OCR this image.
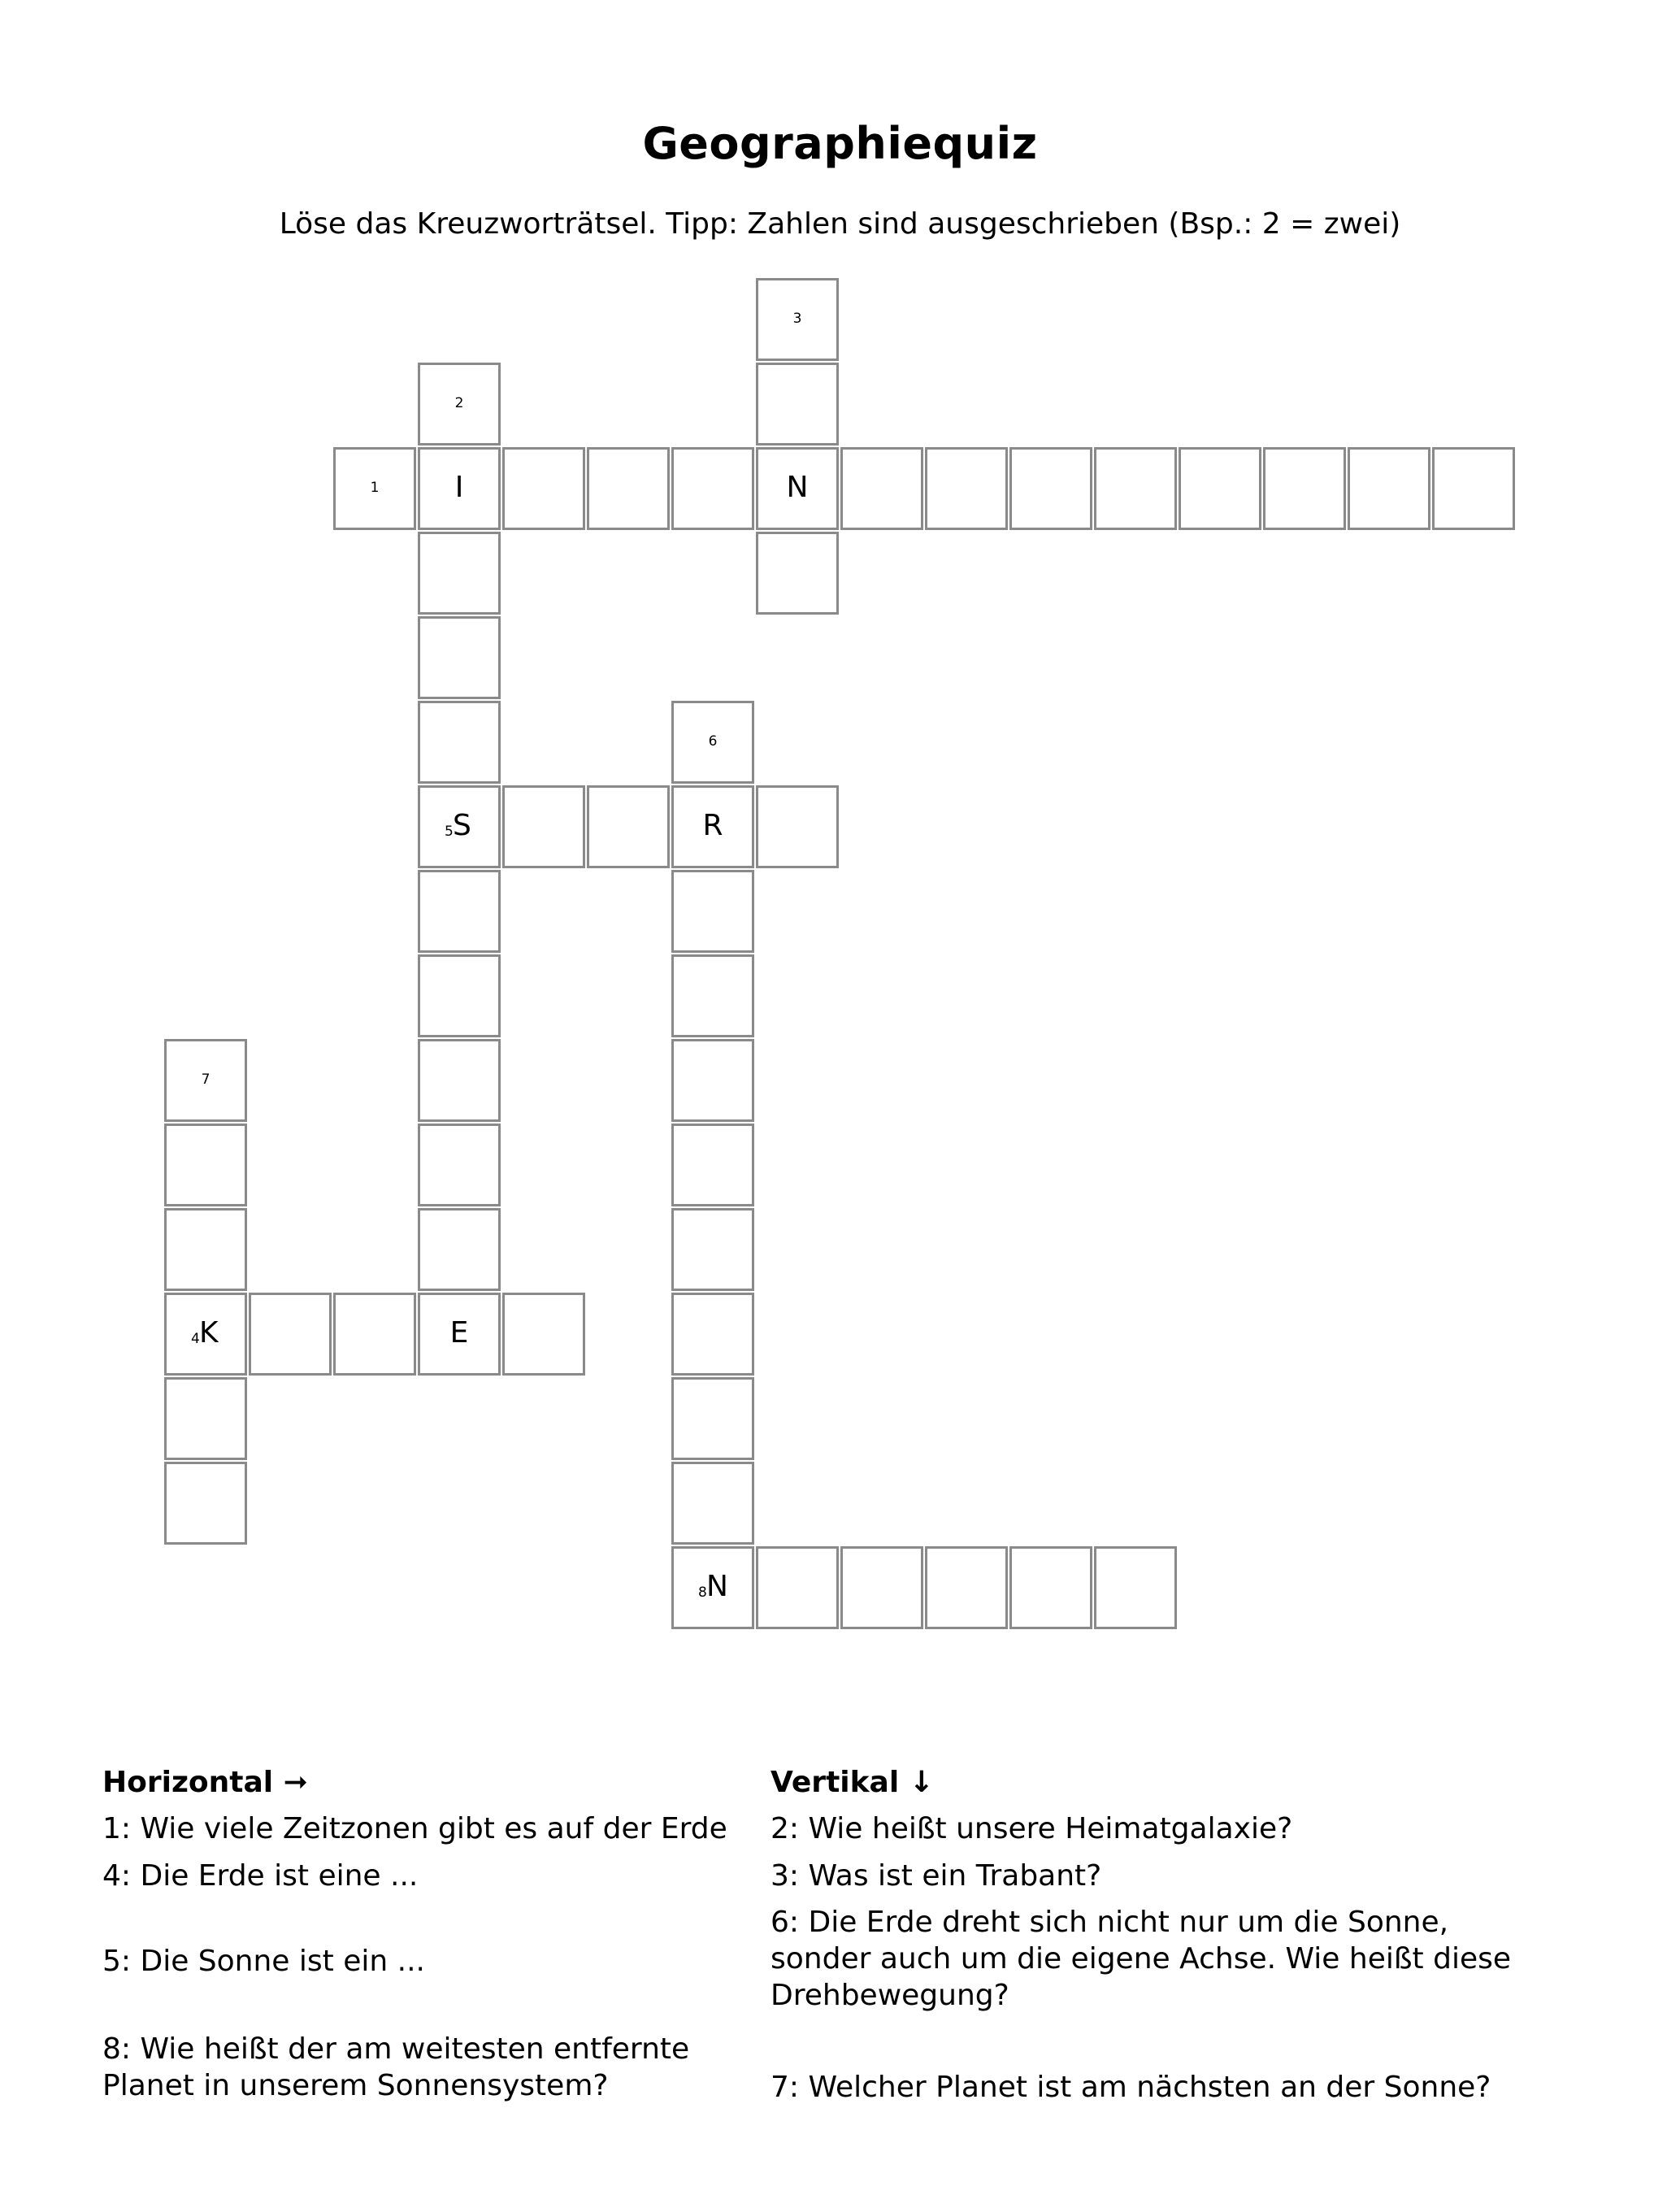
Geographiequiz
Löse das Kreuzworträtsel. Tipp: Zahlen sind ausgeschrieben (Bsp.: 2 = zwei)
1	I	N
2
5 S
E
3
4 K
R
6
8 N
7
Horizontal ➞
1: Wie viele Zeitzonen gibt es auf der Erde
4: Die Erde ist eine ...
5: Die Sonne ist ein ...
8: Wie heißt der am weitesten entfernte Planet in unserem Sonnensystem?
Vertikal ↓
2: Wie heißt unsere Heimatgalaxie?
3: Was ist ein Trabant?
6: Die Erde dreht sich nicht nur um die Sonne, sonder auch um die eigene Achse. Wie heißt diese Drehbewegung?
7: Welcher Planet ist am nächsten an der Sonne?
